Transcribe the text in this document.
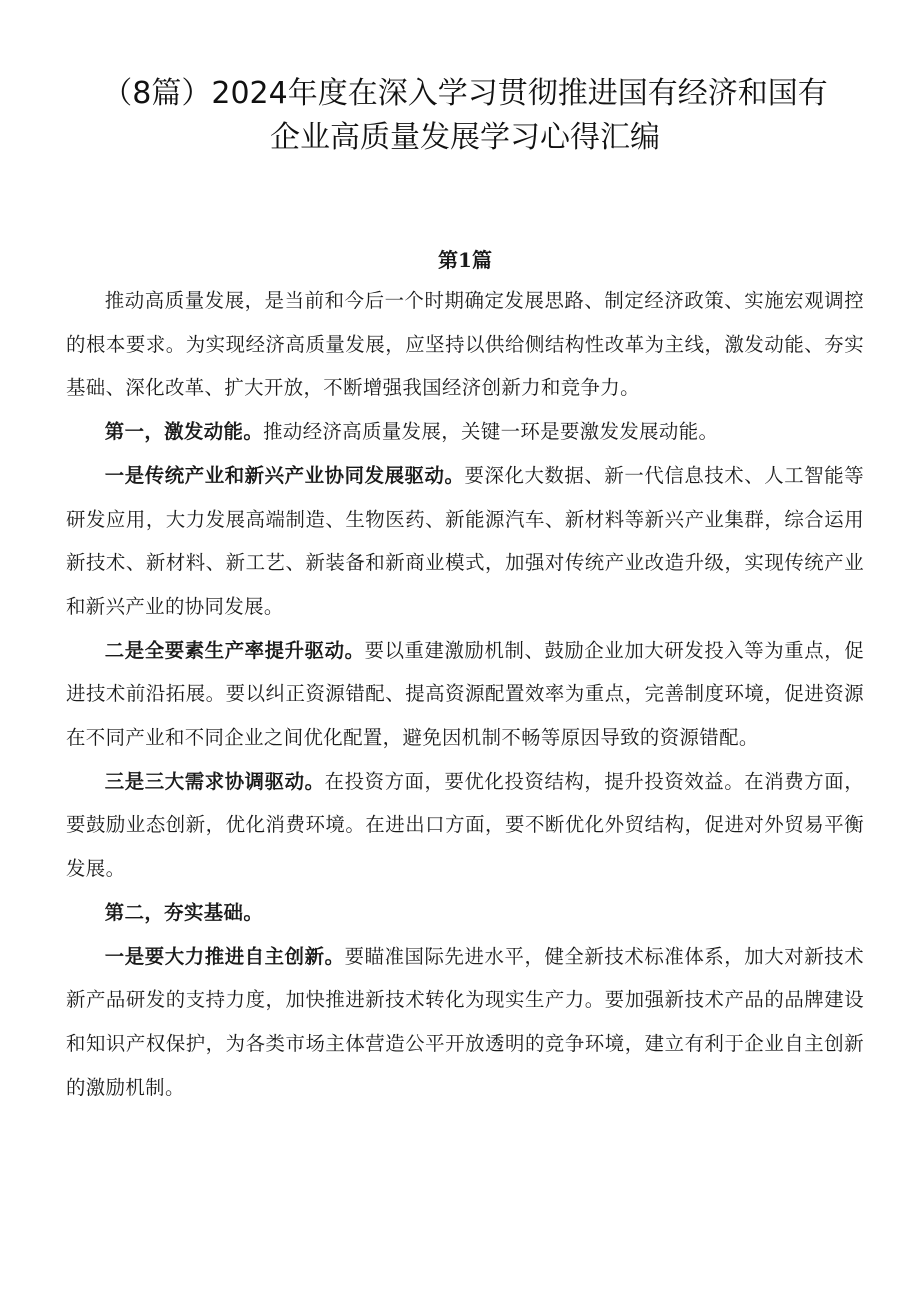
（8篇）2024年度在深入学习贯彻推进国有经济和国有
企业高质量发展学习心得汇编
第1篇

推动高质量发展，是当前和今后一个时期确定发展思路、制定经济政策、实施宏观调控的根本要求。为实现经济高质量发展，应坚持以供给侧结构性改革为主线，激发动能、夯实基础、深化改革、扩大开放，不断增强我国经济创新力和竞争力。

第一，激发动能。推动经济高质量发展，关键一环是要激发发展动能。

一是传统产业和新兴产业协同发展驱动。要深化大数据、新一代信息技术、人工智能等研发应用，大力发展高端制造、生物医药、新能源汽车、新材料等新兴产业集群，综合运用新技术、新材料、新工艺、新装备和新商业模式，加强对传统产业改造升级，实现传统产业和新兴产业的协同发展。

二是全要素生产率提升驱动。要以重建激励机制、鼓励企业加大研发投入等为重点，促进技术前沿拓展。要以纠正资源错配、提高资源配置效率为重点，完善制度环境，促进资源在不同产业和不同企业之间优化配置，避免因机制不畅等原因导致的资源错配。

三是三大需求协调驱动。在投资方面，要优化投资结构，提升投资效益。在消费方面，要鼓励业态创新，优化消费环境。在进出口方面，要不断优化外贸结构，促进对外贸易平衡发展。

第二，夯实基础。

一是要大力推进自主创新。要瞄准国际先进水平，健全新技术标准体系，加大对新技术新产品研发的支持力度，加快推进新技术转化为现实生产力。要加强新技术产品的品牌建设和知识产权保护，为各类市场主体营造公平开放透明的竞争环境，建立有利于企业自主创新的激励机制。
